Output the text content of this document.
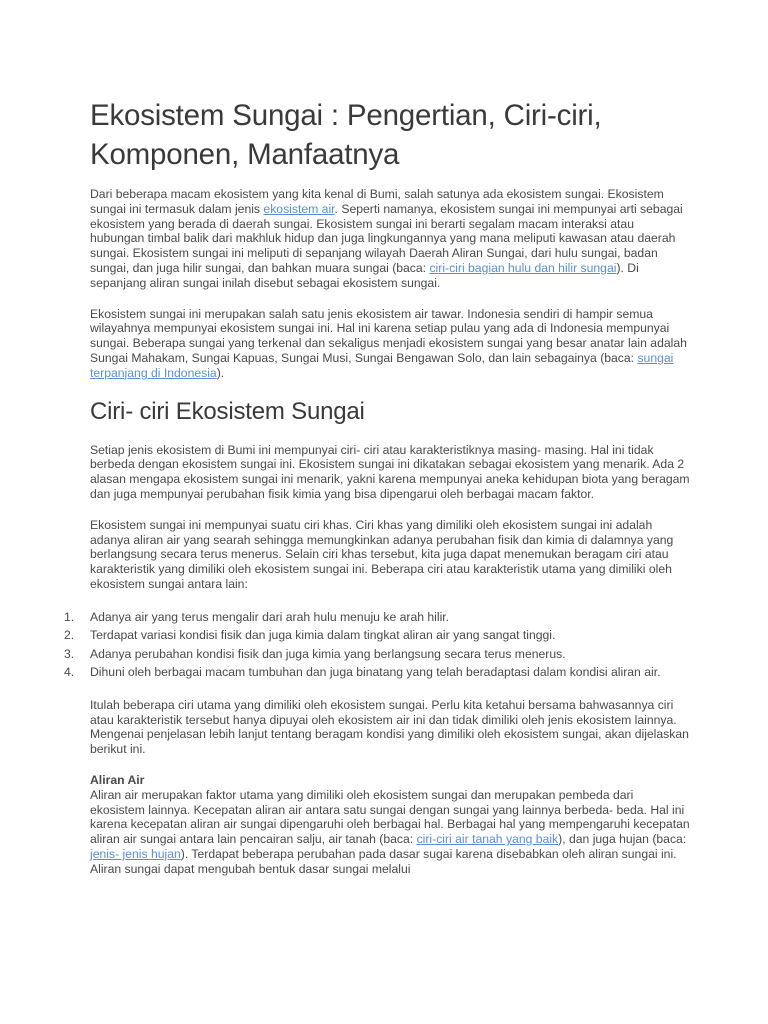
Ekosistem Sungai : Pengertian, Ciri-ciri,
Komponen, Manfaatnya

Dari beberapa macam ekosistem yang kita kenal di Bumi, salah satunya ada ekosistem sungai. Ekosistem sungai ini termasuk dalam jenis ekosistem air. Seperti namanya, ekosistem sungai ini mempunyai arti sebagai ekosistem yang berada di daerah sungai. Ekosistem sungai ini berarti segalam macam interaksi atau hubungan timbal balik dari makhluk hidup dan juga lingkungannya yang mana meliputi kawasan atau daerah sungai. Ekosistem sungai ini meliputi di sepanjang wilayah Daerah Aliran Sungai, dari hulu sungai, badan sungai, dan juga hilir sungai, dan bahkan muara sungai (baca: ciri-ciri bagian hulu dan hilir sungai). Di sepanjang aliran sungai inilah disebut sebagai ekosistem sungai.

Ekosistem sungai ini merupakan salah satu jenis ekosistem air tawar. Indonesia sendiri di hampir semua wilayahnya mempunyai ekosistem sungai ini. Hal ini karena setiap pulau yang ada di Indonesia mempunyai sungai. Beberapa sungai yang terkenal dan sekaligus menjadi ekosistem sungai yang besar anatar lain adalah Sungai Mahakam, Sungai Kapuas, Sungai Musi, Sungai Bengawan Solo, dan lain sebagainya (baca: sungai terpanjang di Indonesia).

Ciri- ciri Ekosistem Sungai

Setiap jenis ekosistem di Bumi ini mempunyai ciri- ciri atau karakteristiknya masing- masing. Hal ini tidak berbeda dengan ekosistem sungai ini. Ekosistem sungai ini dikatakan sebagai ekosistem yang menarik. Ada 2 alasan mengapa ekosistem sungai ini menarik, yakni karena mempunyai aneka kehidupan biota yang beragam dan juga mempunyai perubahan fisik kimia yang bisa dipengarui oleh berbagai macam faktor.

Ekosistem sungai ini mempunyai suatu ciri khas. Ciri khas yang dimiliki oleh ekosistem sungai ini adalah adanya aliran air yang searah sehingga memungkinkan adanya perubahan fisik dan kimia di dalamnya yang berlangsung secara terus menerus. Selain ciri khas tersebut, kita juga dapat menemukan beragam ciri atau karakteristik yang dimiliki oleh ekosistem sungai ini. Beberapa ciri atau karakteristik utama yang dimiliki oleh ekosistem sungai antara lain:

1.	Adanya air yang terus mengalir dari arah hulu menuju ke arah hilir.
2.	Terdapat variasi kondisi fisik dan juga kimia dalam tingkat aliran air yang sangat tinggi.
3.	Adanya perubahan kondisi fisik dan juga kimia yang berlangsung secara terus menerus.
4.	Dihuni oleh berbagai macam tumbuhan dan juga binatang yang telah beradaptasi dalam kondisi aliran air.

Itulah beberapa ciri utama yang dimiliki oleh ekosistem sungai. Perlu kita ketahui bersama bahwasannya ciri atau karakteristik tersebut hanya dipuyai oleh ekosistem air ini dan tidak dimiliki oleh jenis ekosistem lainnya. Mengenai penjelasan lebih lanjut tentang beragam kondisi yang dimiliki oleh ekosistem sungai, akan dijelaskan berikut ini.

Aliran Air

Aliran air merupakan faktor utama yang dimiliki oleh ekosistem sungai dan merupakan pembeda dari ekosistem lainnya. Kecepatan aliran air antara satu sungai dengan sungai yang lainnya berbeda- beda. Hal ini karena kecepatan aliran air sungai dipengaruhi oleh berbagai hal. Berbagai hal yang mempengaruhi kecepatan aliran air sungai antara lain pencairan salju, air tanah (baca: ciri-ciri air tanah yang baik), dan juga hujan (baca: jenis- jenis hujan). Terdapat beberapa perubahan pada dasar sugai karena disebabkan oleh aliran sungai ini. Aliran sungai dapat mengubah bentuk dasar sungai melalui
